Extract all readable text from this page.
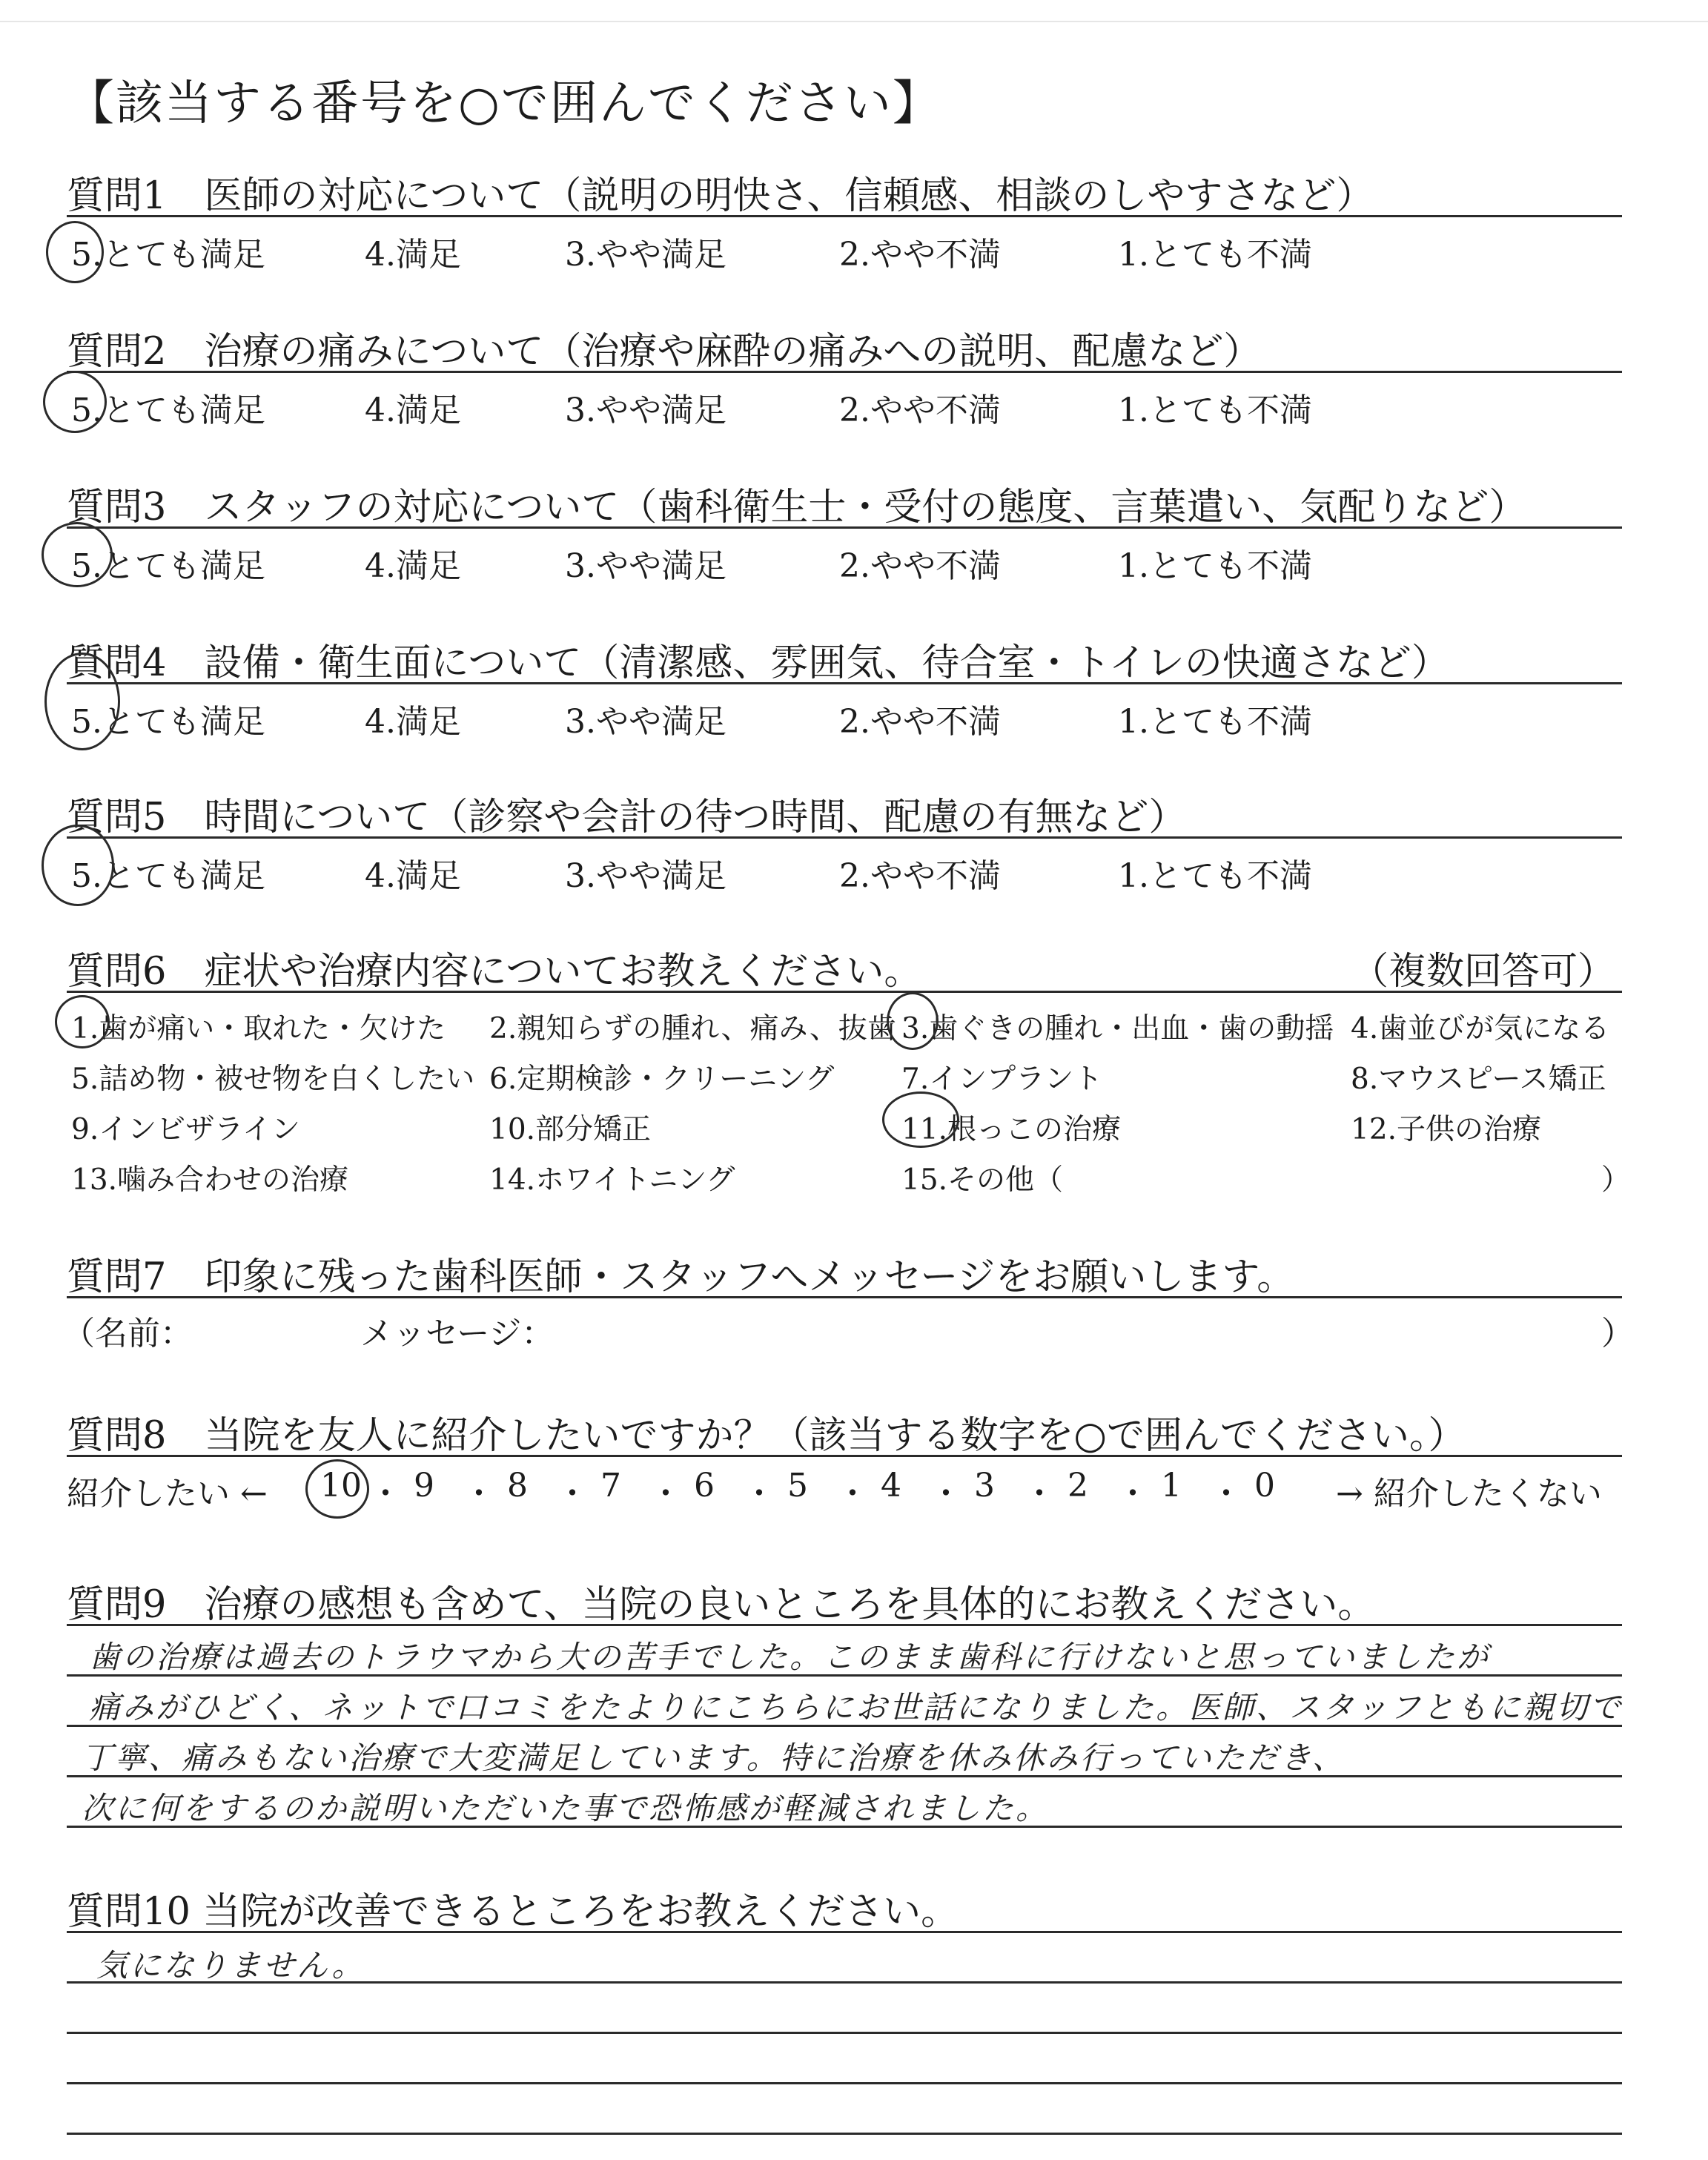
【該当する番号を○で囲んでください】
質問1　医師の対応について（説明の明快さ、信頼感、相談のしやすさなど）
5.とても満足	4.満足	3.やや満足	2.やや不満	1.とても不満
質問2　治療の痛みについて（治療や麻酔の痛みへの説明、配慮など）
5.とても満足	4.満足	3.やや満足	2.やや不満	1.とても不満
質問3　スタッフの対応について（歯科衛生士・受付の態度、言葉遣い、気配りなど）
5.とても満足	4.満足	3.やや満足	2.やや不満	1.とても不満
質問4　設備・衛生面について（清潔感、雰囲気、待合室・トイレの快適さなど）
5.とても満足	4.満足	3.やや満足	2.やや不満	1.とても不満
質問5　時間について（診察や会計の待つ時間、配慮の有無など）
5.とても満足	4.満足	3.やや満足	2.やや不満	1.とても不満
質問6　症状や治療内容についてお教えください。	（複数回答可）
1.歯が痛い・取れた・欠けた 2.親知らずの腫れ、痛み、抜歯 3.歯ぐきの腫れ・出血・歯の動揺 4.歯並びが気になる
5.詰め物・被せ物を白くしたい 6.定期検診・クリーニング 7.インプラント	8.マウスピース矯正
9.インビザライン	10.部分矯正	11.根っこの治療	12.子供の治療
13.噛み合わせの治療	14.ホワイトニング	15.その他（	）
質問7　印象に残った歯科医師・スタッフへメッセージをお願いします。
（名前：	メッセージ：	）
質問8　当院を友人に紹介したいですか？（該当する数字を○で囲んでください。）
紹介したい ←	→ 紹介したくない
10 ・ 9 ・ 8 ・ 7 ・ 6 ・ 5 ・ 4 ・ 3 ・ 2 ・ 1 ・ 0
質問9　治療の感想も含めて、当院の良いところを具体的にお教えください。
歯の治療は過去のトラウマから大の苦手でした。このまま歯科に行けないと思っていましたが
痛みがひどく、ネットで口コミをたよりにこちらにお世話になりました。医師、スタッフともに親切で
丁寧、痛みもない治療で大変満足しています。特に治療を休み休み行っていただき、
次に何をするのか説明いただいた事で恐怖感が軽減されました。
質問10 当院が改善できるところをお教えください。
気になりません。
